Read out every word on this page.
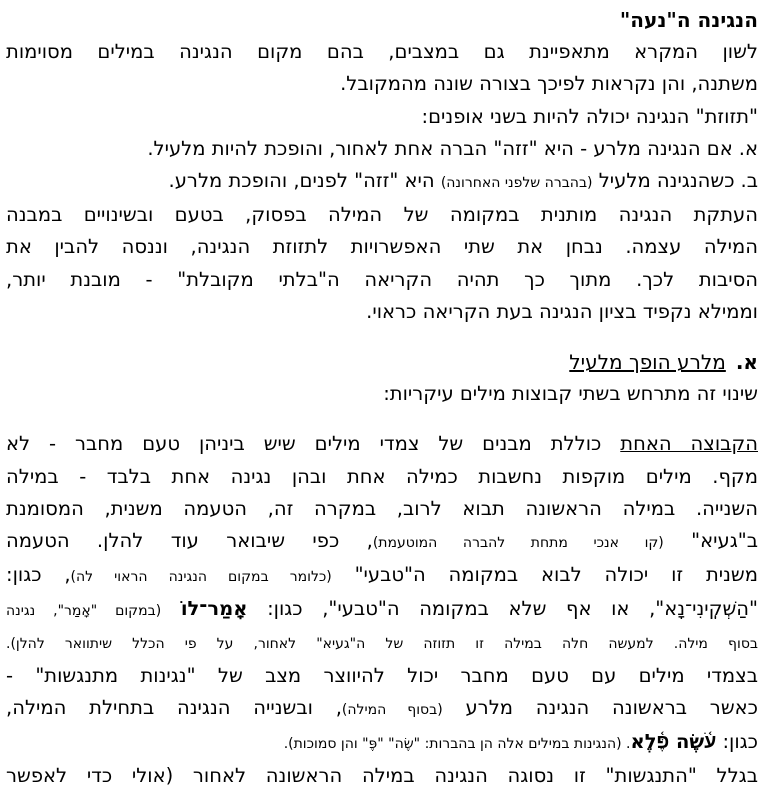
הנגינה ה"נעה"
לשון המקרא מתאפיינת גם במצבים, בהם מקום הנגינה במילים מסוימות
משתנה, והן נקראות לפיכך בצורה שונה מהמקובל.
"תזוזת" הנגינה יכולה להיות בשני אופנים:
א.אם הנגינה מלרע - היא "זזה" הברה אחת לאחור, והופכת להיות מלעיל.
ב.כשהנגינה מלעיל (בהברה שלפני האחרונה) היא "זזה" לפנים, והופכת מלרע.
העתקת הנגינה מותנית במקומה של המילה בפסוק, בטעם ובשינויים במבנה
המילה עצמה. נבחן את שתי האפשרויות לתזוזת הנגינה, וננסה להבין את
הסיבות לכך. מתוך כך תהיה הקריאה ה"בלתי מקובלת" - מובנת יותר,
וממילא נקפיד בציון הנגינה בעת הקריאה כראוי.
א.מלרע הופך מלעיל
שינוי זה מתרחש בשתי קבוצות מילים עיקריות:
הקבוצה האחת כוללת מבנים של צמדי מילים שיש ביניהן טעם מחבר - לא
מקף. מילים מוקפות נחשבות כמילה אחת ובהן נגינה אחת בלבד - במילה
השנייה. במילה הראשונה תבוא לרוב, במקרה זה, הטעמה משנית, המסומנת
ב"געיא" (קו אנכי מתחת להברה המוטעמת), כפי שיבואר עוד להלן. הטעמה
משנית זו יכולה לבוא במקומה ה"טבעי" (כלומר במקום הנגינה הראוי לה), כגון:
"הַשְׁקִֽינִי־נָא", או אף שלא במקומה ה"טבעי", כגון: אָֽמַר־לוֹ (במקום "אָמַר", נגינה
בסוף מילה. למעשה חלה במילה זו תזוזה של ה"געיא" לאחור, על פי הכלל שיתוואר להלן).
בצמדי מילים עם טעם מחבר יכול להיווצר מצב של "נגינות מתנגשות" -
כאשר בראשונה הנגינה מלרע (בסוף המילה), ובשנייה הנגינה בתחילת המילה,
כגון: עֹ֫שֶׂה פֶּ֫לֶא. (הנגינות במילים אלה הן בהברות: "שֶׂה" "פֶּ" והן סמוכות).
בגלל "התנגשות" זו נסוגה הנגינה במילה הראשונה לאחור (אולי כדי לאפשר
